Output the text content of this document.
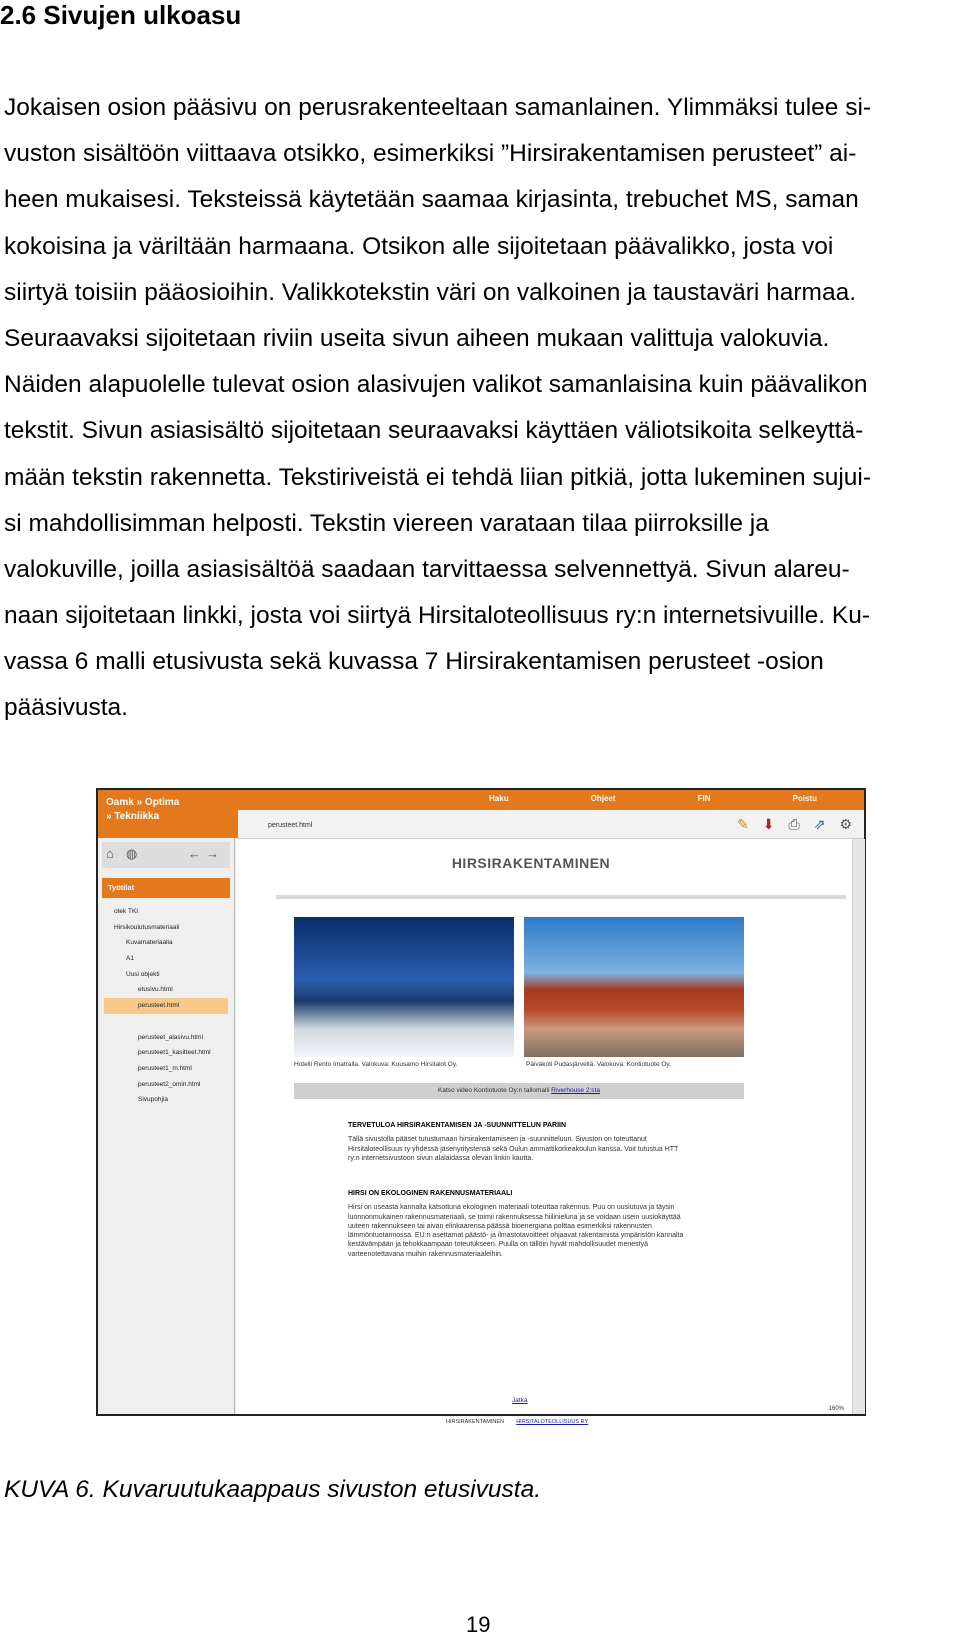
2.6 Sivujen ulkoasu

Jokaisen osion pääsivu on perusrakenteeltaan samanlainen. Ylimmäksi tulee si-
vuston sisältöön viittaava otsikko, esimerkiksi ”Hirsirakentamisen perusteet” ai-
heen mukaisesi. Teksteissä käytetään saamaa kirjasinta, trebuchet MS, saman
kokoisina ja väriltään harmaana. Otsikon alle sijoitetaan päävalikko, josta voi
siirtyä toisiin pääosioihin. Valikkotekstin väri on valkoinen ja taustaväri harmaa.
Seuraavaksi sijoitetaan riviin useita sivun aiheen mukaan valittuja valokuvia.
Näiden alapuolelle tulevat osion alasivujen valikot samanlaisina kuin päävalikon
tekstit. Sivun asiasisältö sijoitetaan seuraavaksi käyttäen väliotsikoita selkeyttä-
mään tekstin rakennetta. Tekstiriveistä ei tehdä liian pitkiä, jotta lukeminen sujui-
si mahdollisimman helposti. Tekstin viereen varataan tilaa piirroksille ja
valokuville, joilla asiasisältöä saadaan tarvittaessa selvennettyä. Sivun alareu-
naan sijoitetaan linkki, josta voi siirtyä Hirsitaloteollisuus ry:n internetsivuille. Ku-
vassa 6 malli etusivusta sekä kuvassa 7 Hirsirakentamisen perusteet -osion
pääsivusta.

Oamk » Optima
» Tekniikka
Haku	Ohjeet	FIN	Poistu
perusteet.html	✎ ⬇ ⎙ ⇗ ⚙
⌂ ◍	← →
Työtilat
otek TKI
Hirsikoulutusmateriaali
Kuvamateriaalia
A1
Uusi objekti
etusivu.html
perusteet.html
perusteet_alasivu.html
perusteet1_kasitteet.html
perusteet1_m.html
perusteet2_omin.html
Sivupohjia
HIRSIRAKENTAMINEN
Hotelli Rento Imatralla. Valokuva: Kuusamo Hirsitalot Oy.	Päiväkoti Pudasjärvellä. Valokuva: Kontiotuote Oy.
Katso video Kontiotuote Oy:n tallomalli Riverhouse 2:sta
TERVETULOA HIRSIRAKENTAMISEN JA -SUUNNITTELUN PARIIN
Tällä sivustolla pääset tutustumaan hirsirakentamiseen ja -suunnitteluun. Sivuston on toteuttanut Hirsitaloteollisuus ry yhdessä jäsenyritystensä sekä Oulun ammattikorkeakoulun kanssa. Voit tutustua HTT ry:n internetsivustoon sivun alalaidassa olevan linkin kautta.
HIRSI ON EKOLOGINEN RAKENNUSMATERIAALI
Hirsi on useasta kannalta katsottuna ekologinen materiaali toteuttaa rakennus. Puu on uusiutuva ja täysin luonnonmukainen rakennusmateriaali, se toimii rakennuksessa hiilinieluna ja se voidaan usein uusiokäyttää uuteen rakennukseen tai aivan elinkaarensa päässä bioenergiana polttaa esimerkiksi rakennusten lämmöntuotannossa. EU:n asettamat päästö- ja ilmastotavoitteet ohjaavat rakentamista ympäristön kannalta kestävämpään ja tehokkaampaan toteutukseen. Puulla on tällöin hyvät mahdollisuudet menestyä varteenotettavana muihin rakennusmateriaaleihin.
Jatka
HIRSIRAKENTAMINEN HIRSITALOTEOLLISUUS RY
160%
KUVA 6. Kuvaruutukaappaus sivuston etusivusta.
19
